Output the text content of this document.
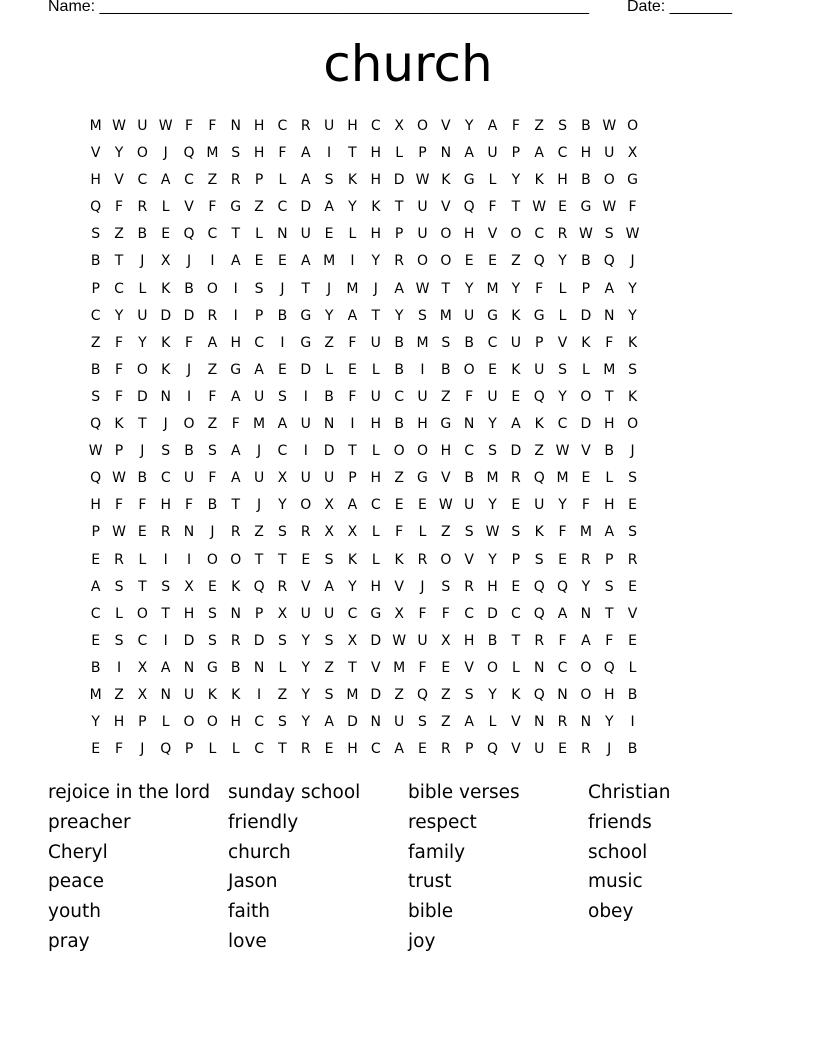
Name: _______________________________________________________ Date: _______
church
M W U W F	F	N H C R U H C X O V	Y	A	F	Z	S	B W O
V	Y O	J	Q M S H	F	A	I	T H	L	P N A U P	A C H U X
H V C A C Z R	P	L	A	S	K H D W K G	L	Y	K H B O G
Q F	R	L	V	F G Z C D A	Y	K	T U V Q F	T W E G W F
S	Z B	E Q C	T	L	N U E	L	H P	U O H V O C R W S W
B	T	J	X	J	I	A	E	E	A M	I	Y	R O O E	E	Z Q Y	B Q	J
P	C	L	K B O	I	S	J	T	J	M	J	A W T	Y M Y	F	L	P	A	Y
C	Y U D D R	I	P	B G Y	A	T	Y	S M U G K G	L	D N Y
Z	F	Y	K	F	A H C	I	G Z	F	U B M S	B C U P	V K	F	K
B	F O K	J	Z G A	E D	L	E	L	B	I	B O E	K U S	L M S
S	F D N	I	F	A U S	I	B	F	U C U Z	F	U E Q Y O T	K
Q K	T	J	O Z	F M A U N	I	H B H G N Y	A K C D H O
W P	J	S	B	S	A	J	C	I	D T	L O O H C	S D Z W V B	J
Q W B C U	F	A U X U U P H Z G V B M R Q M E	L	S
H	F	F	H	F	B	T	J	Y O X A C	E	E W U Y	E U Y	F	H E
P W E	R N	J	R Z	S	R X X	L	F	L	Z	S W S	K	F M A	S
E	R	L	I	I	O O T	T	E	S	K	L	K R O V	Y	P	S	E	R	P	R
A	S	T	S	X	E	K Q R V A	Y H V	J	S	R H E Q Q Y	S	E
C	L O T H S N P	X U U C G X	F	F	C D C Q A N T	V
E	S	C	I	D S	R D S	Y	S	X D W U X H B	T	R	F	A	F	E
B	I	X A N G B N	L	Y	Z	T	V M F	E	V O L	N C O Q L
M Z X N U K	K	I	Z	Y	S M D Z Q Z	S	Y	K Q N O H B
Y H P	L O O H C	S	Y	A D N U S	Z A	L	V N R N Y	I
E	F	J	Q P	L	L	C	T	R	E H C A	E	R	P Q V U E	R	J	B
rejoice in the lord
preacher
Cheryl
peace
youth
pray
sunday school
friendly
church
Jason
faith
love
bible verses
respect
family
trust
bible
joy
Christian
friends
school
music
obey
